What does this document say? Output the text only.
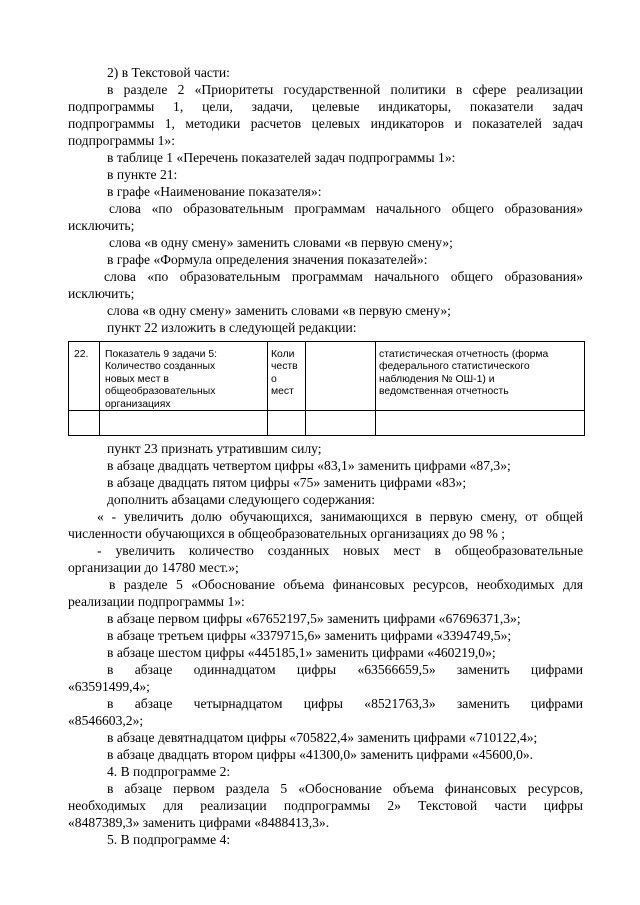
2) в Текстовой части:
в разделе 2 «Приоритеты государственной политики в сфере реализации
подпрограммы 1, цели, задачи, целевые индикаторы, показатели задач
подпрограммы 1, методики расчетов целевых индикаторов и показателей задач
подпрограммы 1»:
в таблице 1 «Перечень показателей задач подпрограммы 1»:
в пункте 21:
в графе «Наименование показателя»:
слова «по образовательным программам начального общего образования»
исключить;
слова «в одну смену» заменить словами «в первую смену»;
в графе «Формула определения значения показателей»:
слова «по образовательным программам начального общего образования»
исключить;
слова «в одну смену» заменить словами «в первую смену»;
пункт 22 изложить в следующей редакции:
22. Показатель 9 задачи 5:
Количество созданных
новых мест в
общеобразовательных
организациях
Коли
честв
о
мест
статистическая отчетность (форма
федерального статистического
наблюдения № ОШ-1) и
ведомственная отчетность
пункт 23 признать утратившим силу;
в абзаце двадцать четвертом цифры «83,1» заменить цифрами «87,3»;
в абзаце двадцать пятом цифры «75» заменить цифрами «83»;
дополнить абзацами следующего содержания:
« - увеличить долю обучающихся, занимающихся в первую смену, от общей
численности обучающихся в общеобразовательных организациях до 98 % ;
- увеличить количество созданных новых мест в общеобразовательные
организации до 14780 мест.»;
в разделе 5 «Обоснование объема финансовых ресурсов, необходимых для
реализации подпрограммы 1»:
в абзаце первом цифры «67652197,5» заменить цифрами «67696371,3»;
в абзаце третьем цифры «3379715,6» заменить цифрами «3394749,5»;
в абзаце шестом цифры «445185,1» заменить цифрами «460219,0»;
в абзаце одиннадцатом цифры «63566659,5» заменить цифрами
«63591499,4»;
в абзаце четырнадцатом цифры «8521763,3» заменить цифрами
«8546603,2»;
в абзаце девятнадцатом цифры «705822,4» заменить цифрами «710122,4»;
в абзаце двадцать втором цифры «41300,0» заменить цифрами «45600,0».
4. В подпрограмме 2:
в абзаце первом раздела 5 «Обоснование объема финансовых ресурсов,
необходимых для реализации подпрограммы 2» Текстовой части цифры
«8487389,3» заменить цифрами «8488413,3».
5. В подпрограмме 4:
